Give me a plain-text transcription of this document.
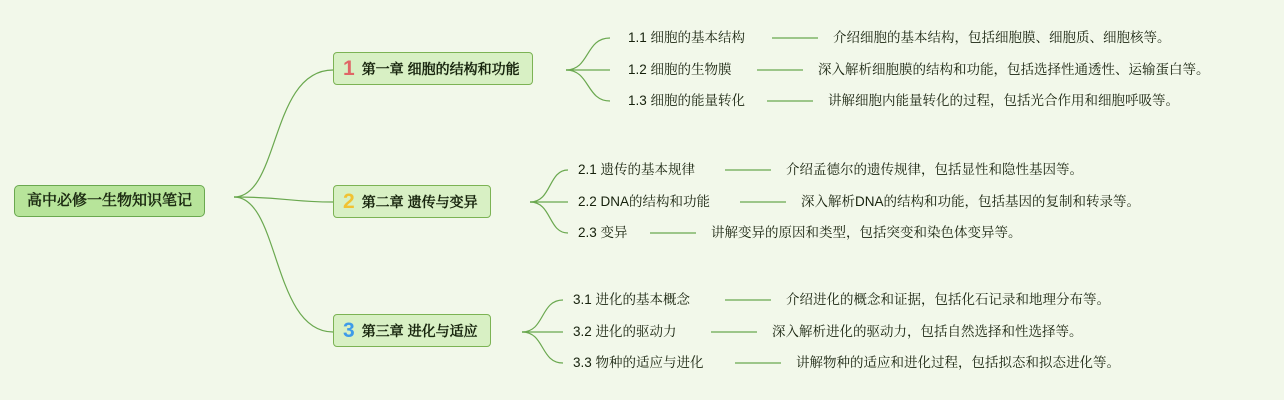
高中必修一生物知识笔记
1 第一章 细胞的结构和功能
1.1 细胞的基本结构	介绍细胞的基本结构，包括细胞膜、细胞质、细胞核等。
1.2 细胞的生物膜	深入解析细胞膜的结构和功能，包括选择性通透性、运输蛋白等。
1.3 细胞的能量转化	讲解细胞内能量转化的过程，包括光合作用和细胞呼吸等。
2 第二章 遗传与变异
2.1 遗传的基本规律	介绍孟德尔的遗传规律，包括显性和隐性基因等。
2.2 DNA的结构和功能	深入解析DNA的结构和功能，包括基因的复制和转录等。
2.3 变异	讲解变异的原因和类型，包括突变和染色体变异等。
3 第三章 进化与适应
3.1 进化的基本概念	介绍进化的概念和证据，包括化石记录和地理分布等。
3.2 进化的驱动力	深入解析进化的驱动力，包括自然选择和性选择等。
3.3 物种的适应与进化	讲解物种的适应和进化过程，包括拟态和拟态进化等。
